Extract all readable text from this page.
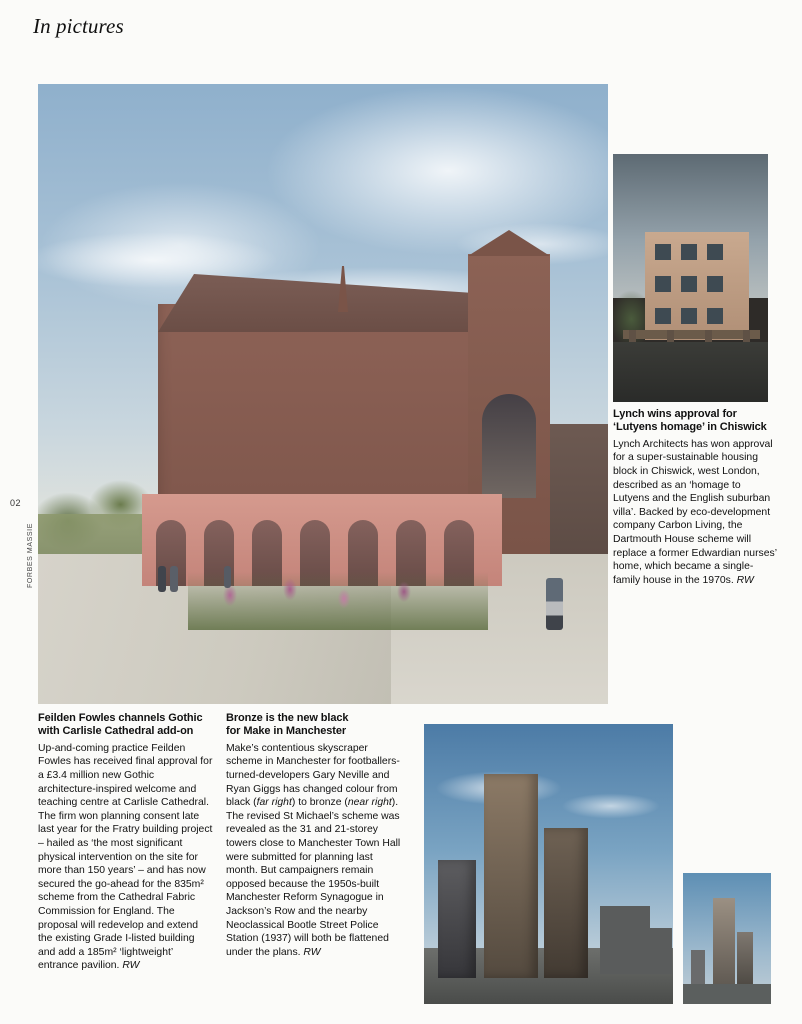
In pictures
02
FORBES MASSIE
Lynch wins approval for
‘Lutyens homage’ in Chiswick

Lynch Architects has won approval for a super-sustainable housing block in Chiswick, west London, described as an ‘homage to Lutyens and the English suburban villa’. Backed by eco-development company Carbon Living, the Dartmouth House scheme will replace a former Edwardian nurses’ home, which became a single-family house in the 1970s. RW

Feilden Fowles channels Gothic
with Carlisle Cathedral add-on

Up-and-coming practice Feilden Fowles has received final approval for a £3.4 million new Gothic architecture-inspired welcome and teaching centre at Carlisle Cathedral. The firm won planning consent late last year for the Fratry building project – hailed as ‘the most significant physical intervention on the site for more than 150 years’ – and has now secured the go-ahead for the 835m² scheme from the Cathedral Fabric Commission for England. The proposal will redevelop and extend the existing Grade I-listed building and add a 185m² ‘lightweight’ entrance pavilion. RW

Bronze is the new black
for Make in Manchester

Make’s contentious skyscraper scheme in Manchester for footballers-turned-developers Gary Neville and Ryan Giggs has changed colour from black (far right) to bronze (near right). The revised St Michael’s scheme was revealed as the 31 and 21-storey towers close to Manchester Town Hall were submitted for planning last month. But campaigners remain opposed because the 1950s-built Manchester Reform Synagogue in Jackson’s Row and the nearby Neoclassical Bootle Street Police Station (1937) will both be flattened under the plans. RW
